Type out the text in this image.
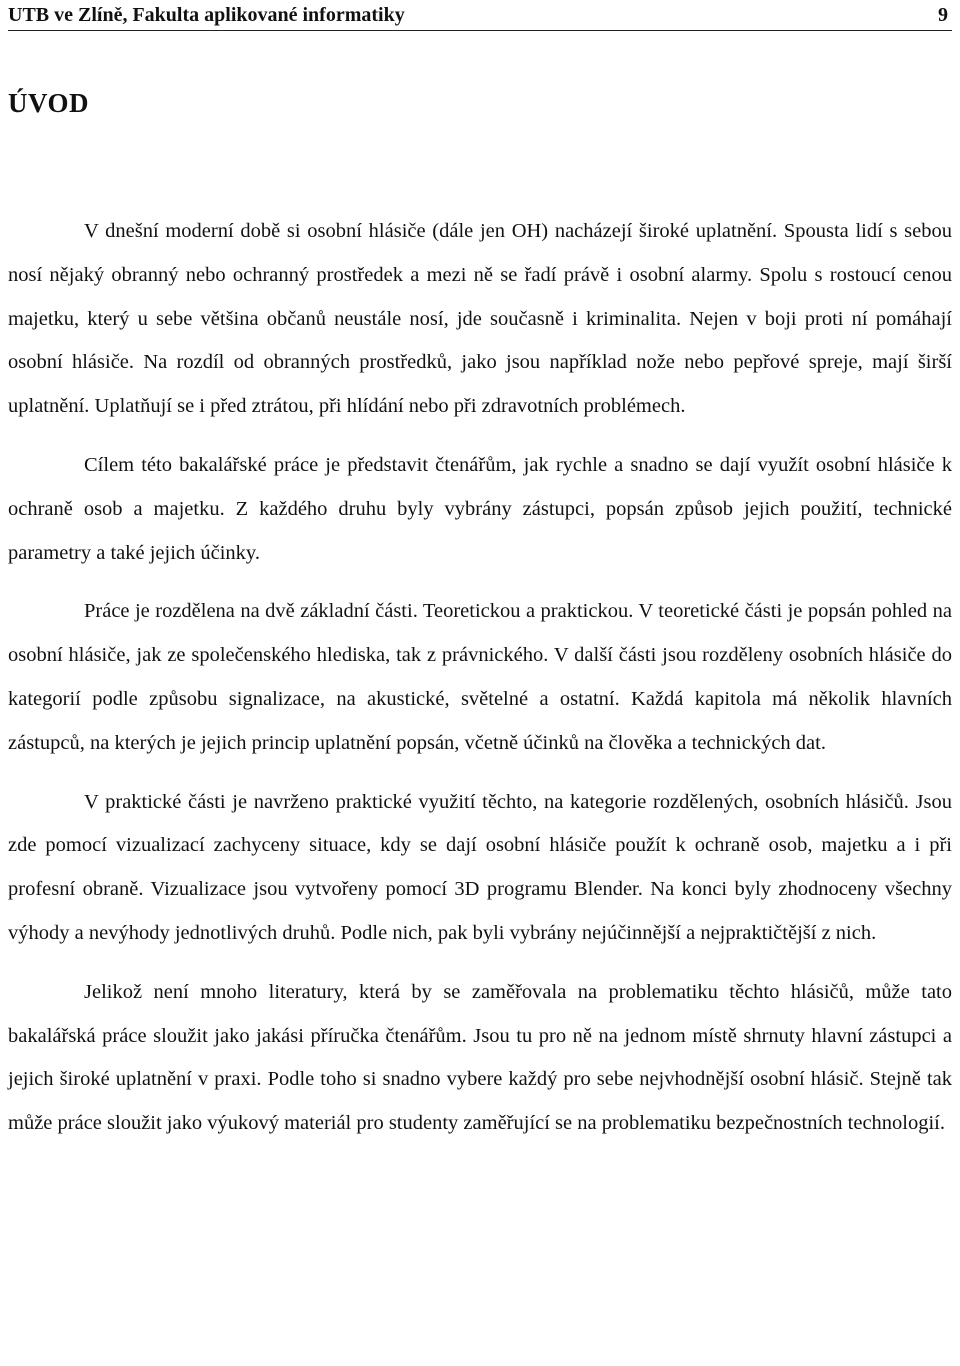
UTB ve Zlíně, Fakulta aplikované informatiky	9
ÚVOD

V dnešní moderní době si osobní hlásiče (dále jen OH) nacházejí široké uplatnění. Spousta lidí s sebou nosí nějaký obranný nebo ochranný prostředek a mezi ně se řadí právě i osobní alarmy. Spolu s rostoucí cenou majetku, který u sebe většina občanů neustále nosí, jde současně i kriminalita. Nejen v boji proti ní pomáhají osobní hlásiče. Na rozdíl od obranných prostředků, jako jsou například nože nebo pepřové spreje, mají širší uplatnění. Uplatňují se i před ztrátou, při hlídání nebo při zdravotních problémech.

Cílem této bakalářské práce je představit čtenářům, jak rychle a snadno se dají využít osobní hlásiče k ochraně osob a majetku. Z každého druhu byly vybrány zástupci, popsán způsob jejich použití, technické parametry a také jejich účinky.

Práce je rozdělena na dvě základní části. Teoretickou a praktickou. V teoretické části je popsán pohled na osobní hlásiče, jak ze společenského hlediska, tak z právnického. V další části jsou rozděleny osobních hlásiče do kategorií podle způsobu signalizace, na akustické, světelné a ostatní. Každá kapitola má několik hlavních zástupců, na kterých je jejich princip uplatnění popsán, včetně účinků na člověka a technických dat.

V praktické části je navrženo praktické využití těchto, na kategorie rozdělených, osobních hlásičů. Jsou zde pomocí vizualizací zachyceny situace, kdy se dají osobní hlásiče použít k ochraně osob, majetku a i při profesní obraně. Vizualizace jsou vytvořeny pomocí 3D programu Blender. Na konci byly zhodnoceny všechny výhody a nevýhody jednotlivých druhů. Podle nich, pak byli vybrány nejúčinnější a nejpraktičtější z nich.

Jelikož není mnoho literatury, která by se zaměřovala na problematiku těchto hlásičů, může tato bakalářská práce sloužit jako jakási příručka čtenářům. Jsou tu pro ně na jednom místě shrnuty hlavní zástupci a jejich široké uplatnění v praxi. Podle toho si snadno vybere každý pro sebe nejvhodnější osobní hlásič. Stejně tak může práce sloužit jako výukový materiál pro studenty zaměřující se na problematiku bezpečnostních technologií.
